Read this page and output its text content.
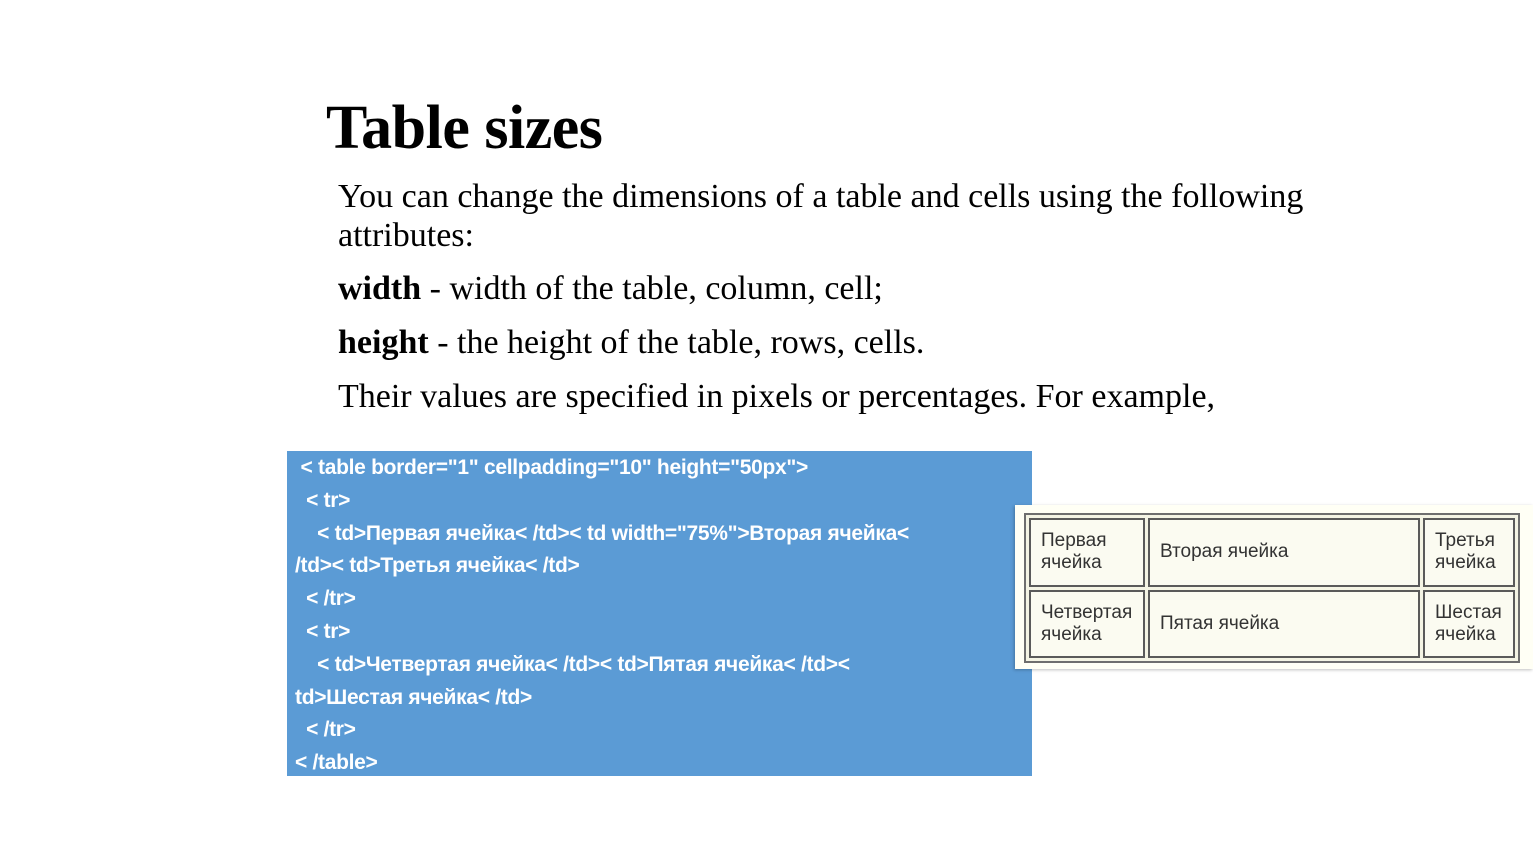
Table sizes

You can change the dimensions of a table and cells using the following attributes:

width - width of the table, column, cell;

height - the height of the table, rows, cells.

Their values are specified in pixels or percentages. For example,

< table border="1" cellpadding="10" height="50px">
< tr>
< td>Первая ячейка< /td>< td width="75%">Вторая ячейка<
/td>< td>Третья ячейка< /td>
< /tr>
< tr>
< td>Четвертая ячейка< /td>< td>Пятая ячейка< /td><
td>Шестая ячейка< /td>
< /tr>
< /table>
Первая ячейка	Вторая ячейка	Третья ячейка
Четвертая ячейка	Пятая ячейка	Шестая ячейка
